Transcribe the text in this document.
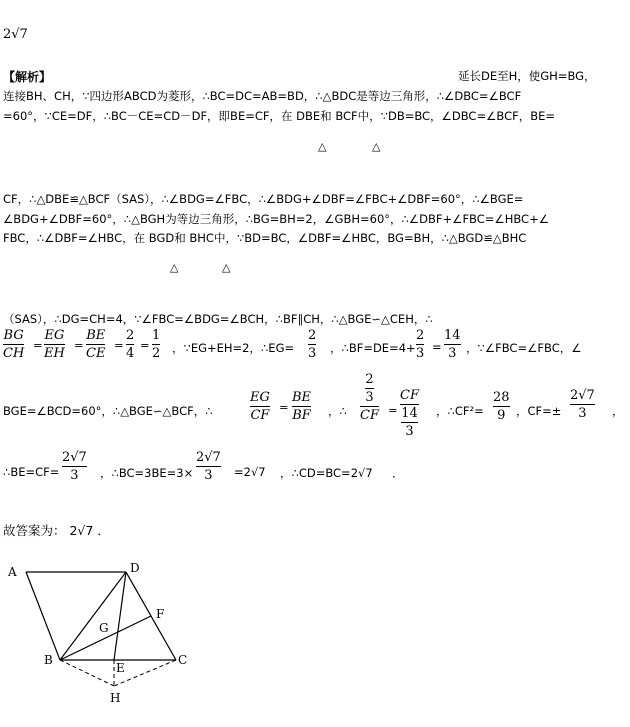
2√7
【解析】	延长DE至H，使GH=BG，
连接BH、CH，∵四边形ABCD为菱形，∴BC=DC=AB=BD，∴△BDC是等边三角形，∴∠DBC=∠BCF
=60°，∵CE=DF，∴BC－CE=CD－DF，即BE=CF，在 DBE和 BCF中，∵DB=BC，∠DBC=∠BCF，BE=
△	△
CF，∴△DBE≌△BCF（SAS），∴∠BDG=∠FBC，∴∠BDG+∠DBF=∠FBC+∠DBF=60°，∴∠BGE=
∠BDG+∠DBF=60°，∴△BGH为等边三角形，∴BG=BH=2，∠GBH=60°，∴∠DBF+∠FBC=∠HBC+∠
FBC，∴∠DBF=∠HBC，在 BGD和 BHC中，∵BD=BC，∠DBF=∠HBC，BG=BH，∴△BGD≌△BHC
△	△
（SAS），∴DG=CH=4，∵∠FBC=∠BDG=∠BCH，∴BF∥CH，∴△BGE∽△CEH，∴
BG
CH
=
EG
EH
=
BE
CE
=
2
4
=
1
2 ，∵EG+EH=2，∴EG=
2
3 ，∴BF=DE=4+
2
3 =
14
3 ，∵∠FBC=∠FBC，∠
BGE=∠BCD=60°，∴△BGE∽△BCF，∴
EG
CF
=
BE
BF ，∴
2
3
CF =
CF
14
3
，∴CF²=
28
9 ，CF=±
2√7
3 ，
∴BE=CF=
2√7
3 ，∴BC=3BE=3×
2√7
3 =2√7 ，∴CD=BC=2√7 ．
故答案为： 2√7 ．
A	D
F
G
B
E
C
H
